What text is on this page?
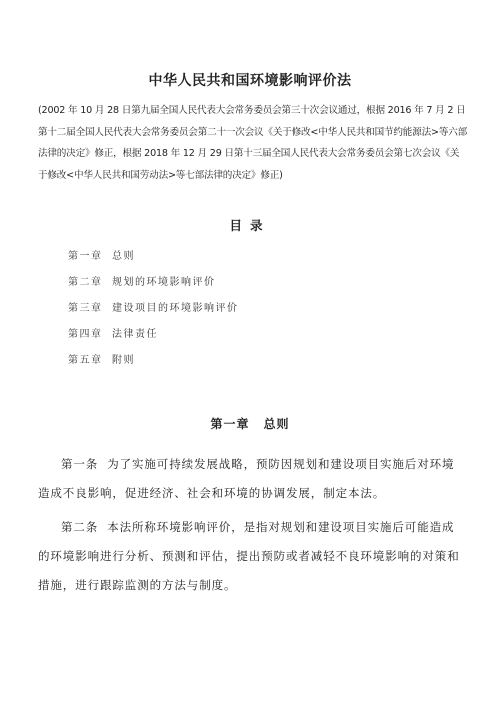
中华人民共和国环境影响评价法
(2002 年 10 月 28 日第九届全国人民代表大会常务委员会第三十次会议通过，根据 2016 年 7 月 2 日第十二届全国人民代表大会常务委员会第二十一次会议《关于修改<中华人民共和国节约能源法>等六部法律的决定》修正，根据 2018 年 12 月 29 日第十三届全国人民代表大会常务委员会第七次会议《关于修改<中华人民共和国劳动法>等七部法律的决定》修正)
目录
第一章 总则
第二章 规划的环境影响评价
第三章 建设项目的环境影响评价
第四章 法律责任
第五章 附则
第一章 总则

第一条 为了实施可持续发展战略，预防因规划和建设项目实施后对环境造成不良影响，促进经济、社会和环境的协调发展，制定本法。

第二条 本法所称环境影响评价，是指对规划和建设项目实施后可能造成的环境影响进行分析、预测和评估，提出预防或者减轻不良环境影响的对策和措施，进行跟踪监测的方法与制度。
